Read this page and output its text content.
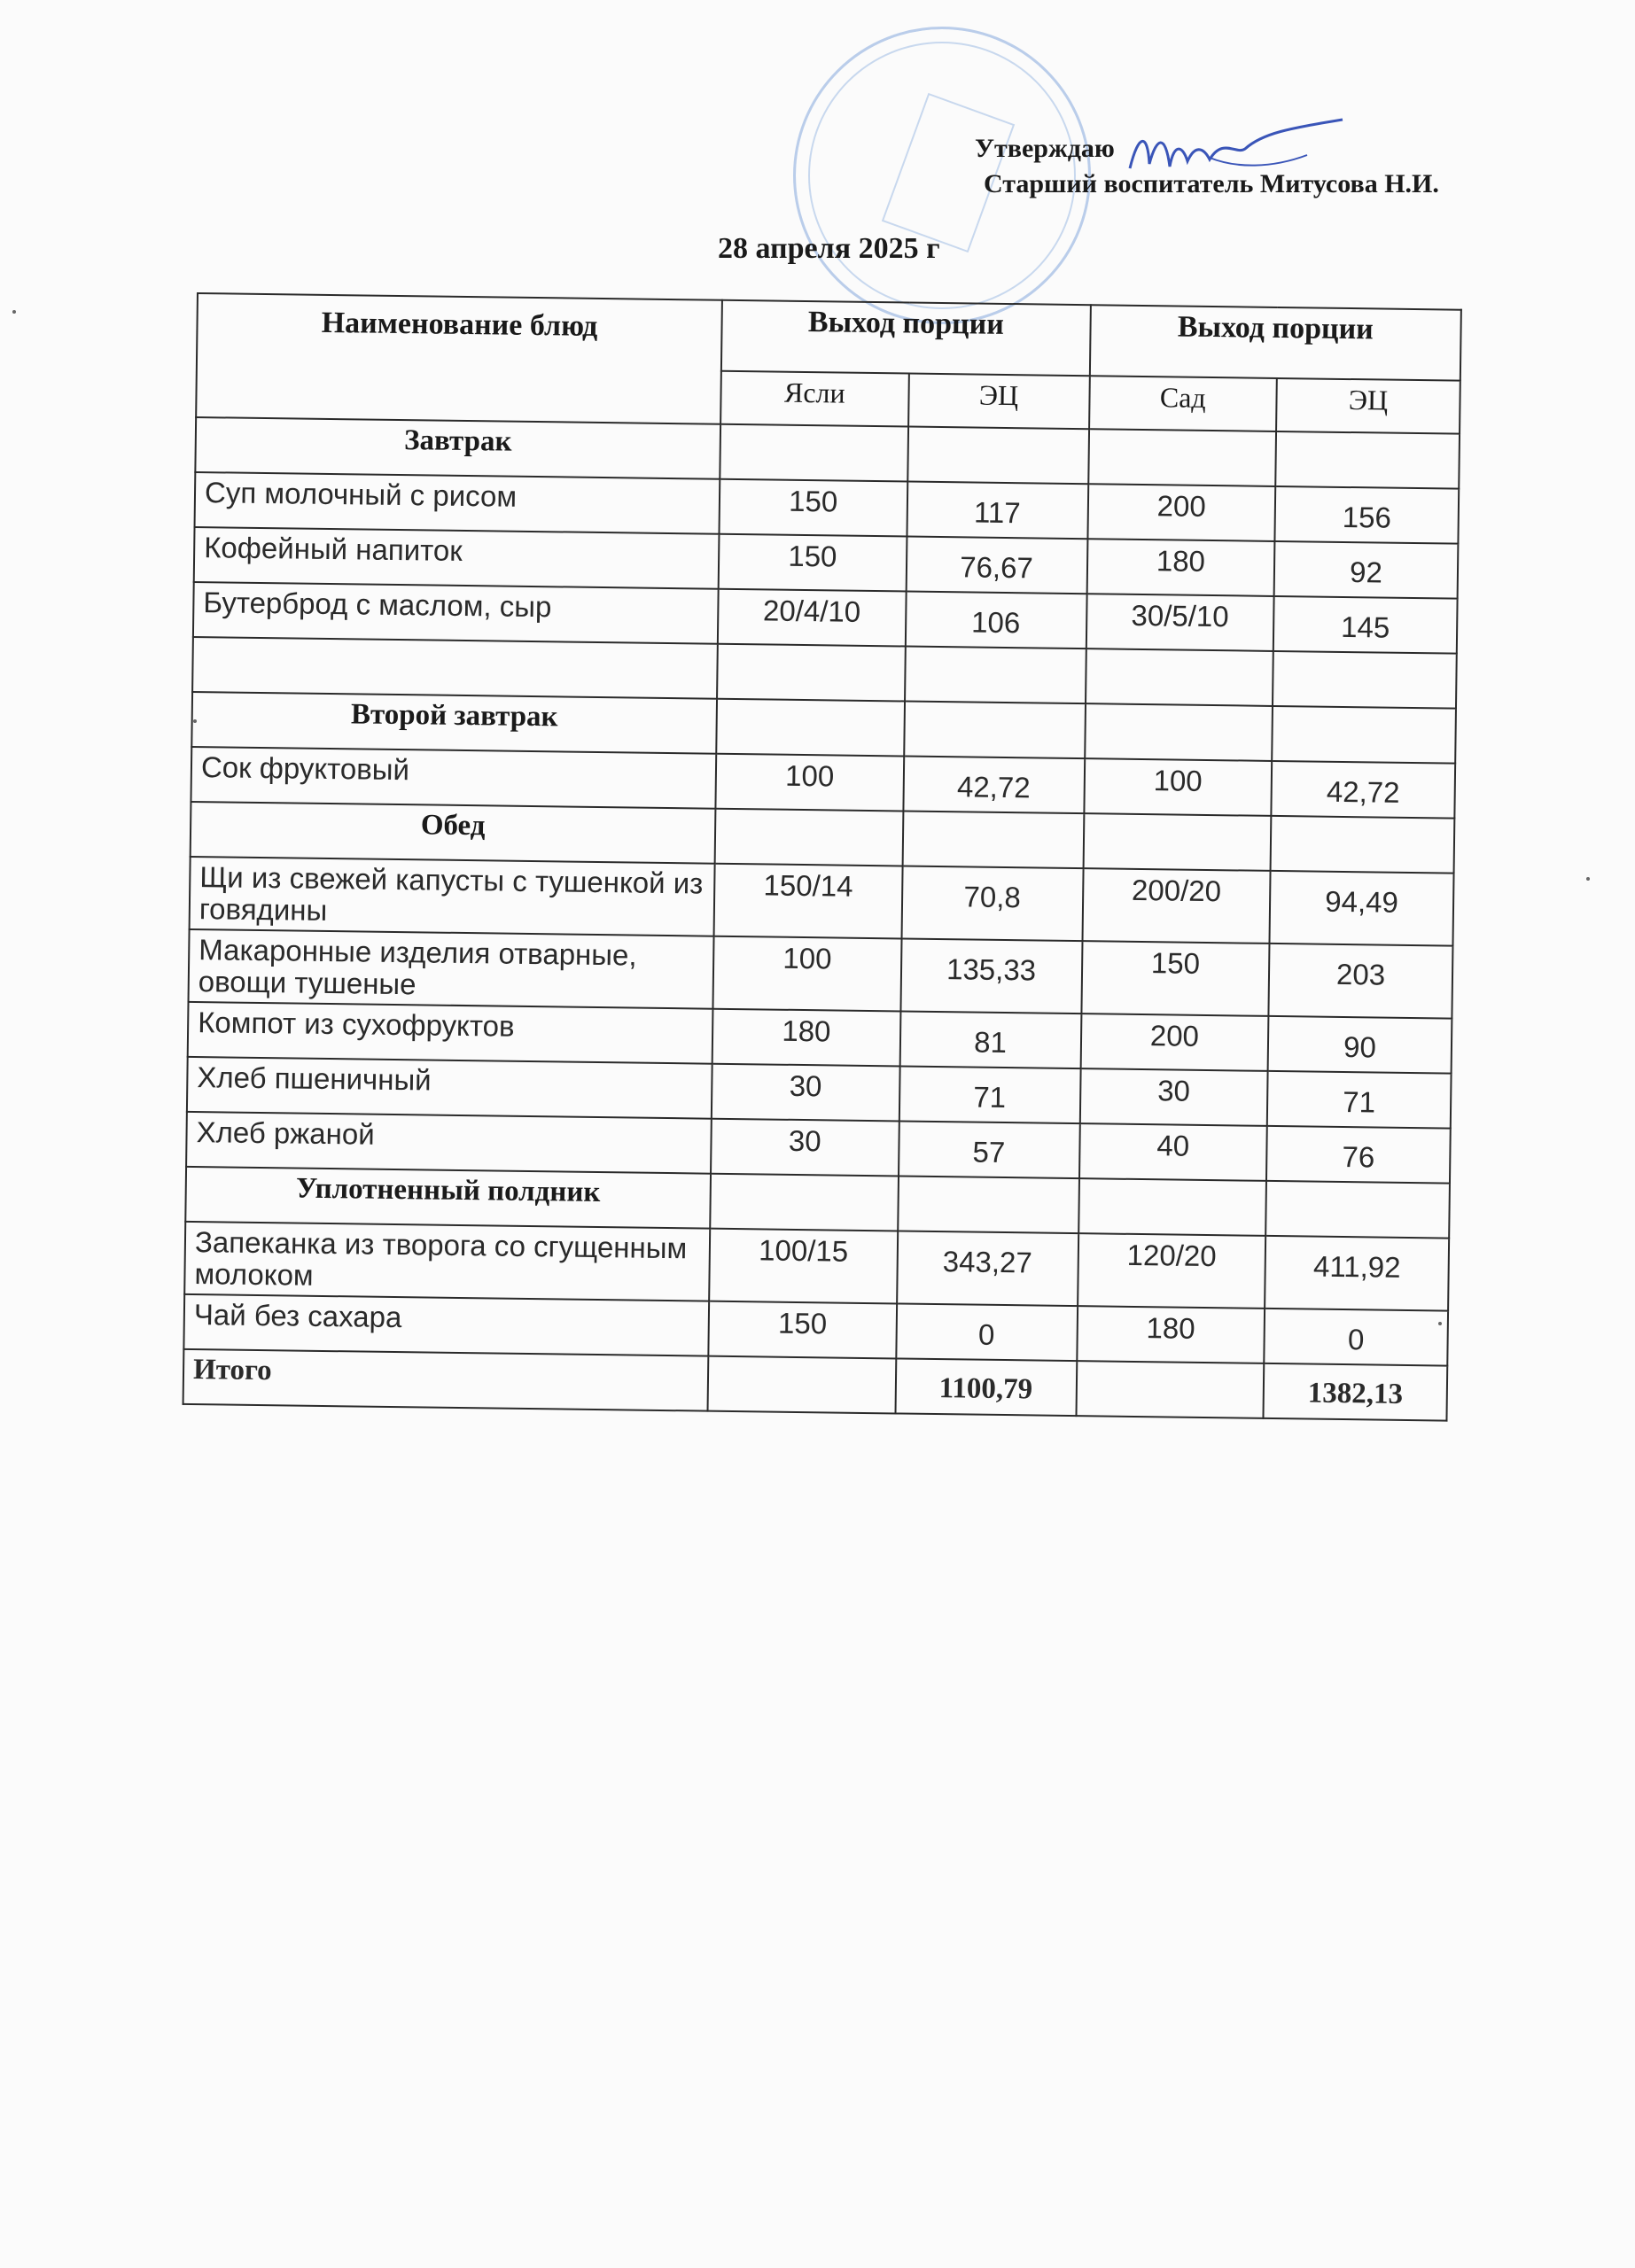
Утверждаю
Старший воспитатель Митусова Н.И.
28 апреля 2025 г
Наименование блюд	Выход порции		Выход порции	
	Ясли	ЭЦ	Сад	ЭЦ
Завтрак				
Суп молочный с рисом	150	117	200	156
Кофейный напиток	150	76,67	180	92
Бутерброд с маслом, сыр	20/4/10	106	30/5/10	145

Второй завтрак				
Сок фруктовый	100	42,72	100	42,72
Обед				
Щи из свежей капусты с тушенкой из говядины	150/14	70,8	200/20	94,49
Макаронные изделия отварные, овощи тушеные	100	135,33	150	203
Компот из сухофруктов	180	81	200	90
Хлеб пшеничный	30	71	30	71
Хлеб ржаной	30	57	40	76
Уплотненный полдник				
Запеканка из творога со сгущенным молоком	100/15	343,27	120/20	411,92
Чай без сахара	150	0	180	0
Итого		1100,79		1382,13
